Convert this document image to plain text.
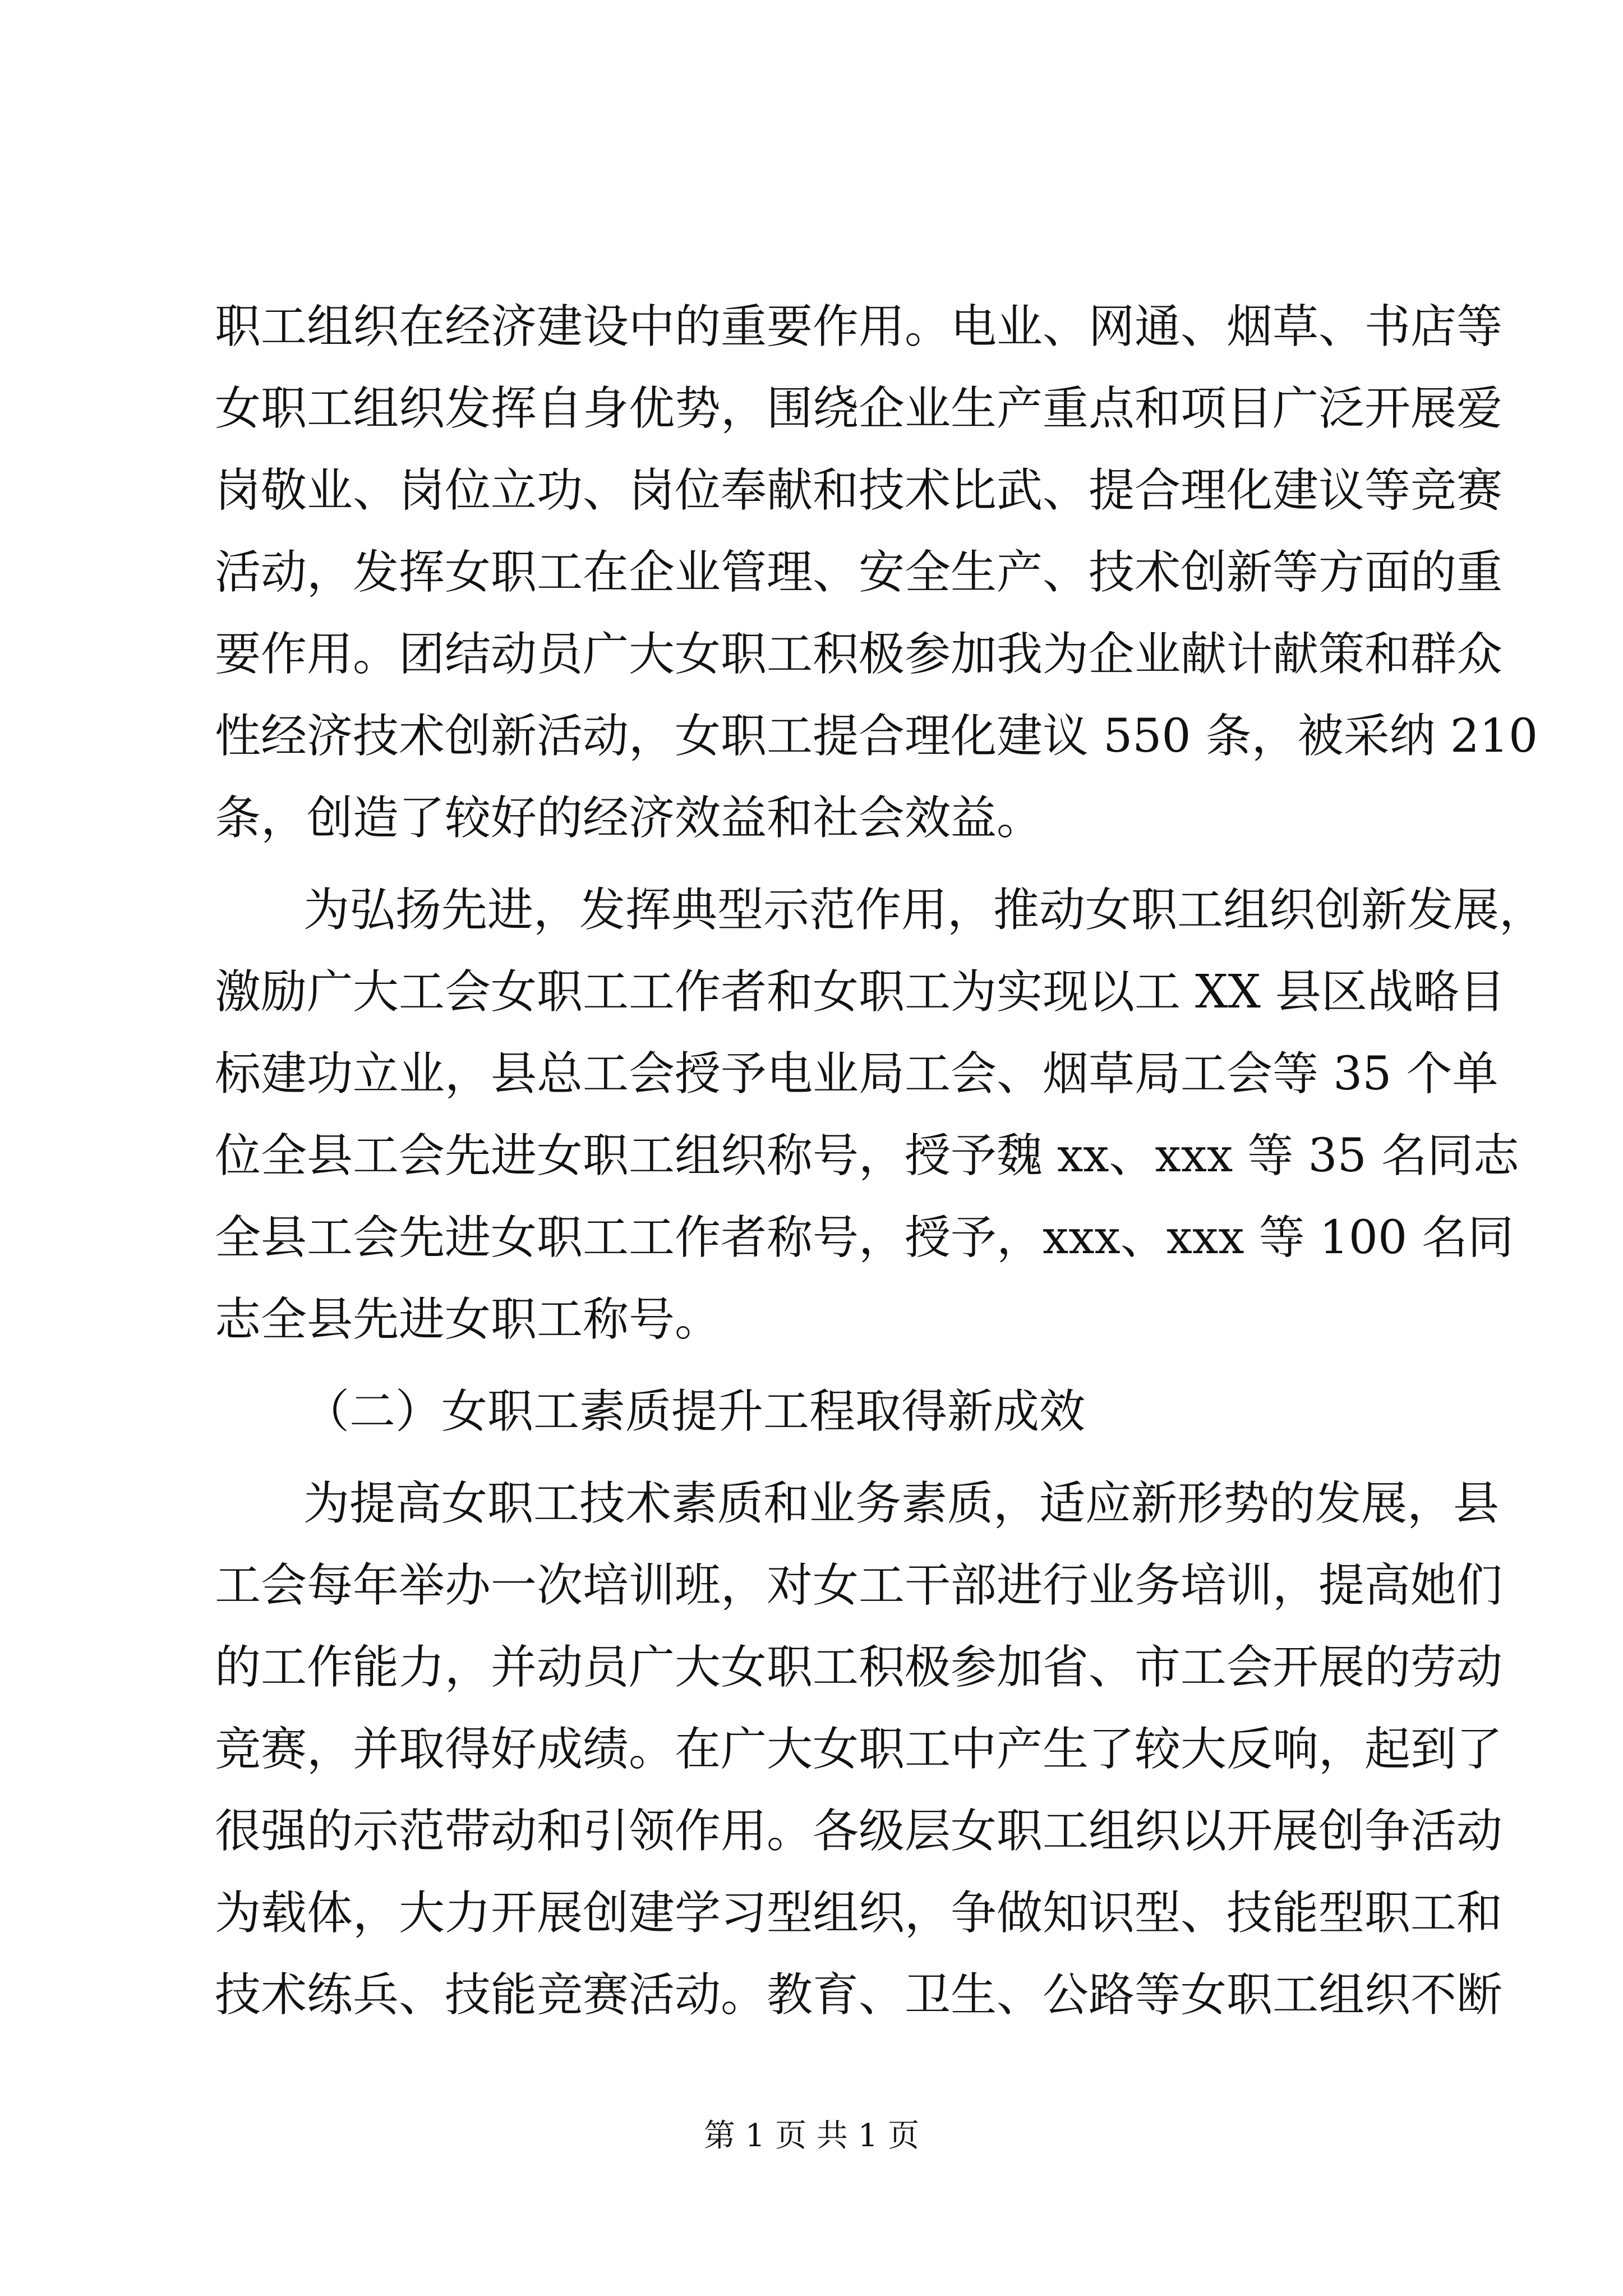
职工组织在经济建设中的重要作用。电业、网通、烟草、书店等
女职工组织发挥自身优势，围绕企业生产重点和项目广泛开展爱
岗敬业、岗位立功、岗位奉献和技术比武、提合理化建议等竞赛
活动，发挥女职工在企业管理、安全生产、技术创新等方面的重
要作用。团结动员广大女职工积极参加我为企业献计献策和群众
性经济技术创新活动，女职工提合理化建议 550 条，被采纳 210
条，创造了较好的经济效益和社会效益。
为弘扬先进，发挥典型示范作用，推动女职工组织创新发展，
激励广大工会女职工工作者和女职工为实现以工 XX 县区战略目
标建功立业，县总工会授予电业局工会、烟草局工会等 35 个单
位全县工会先进女职工组织称号，授予魏 xx、xxx 等 35 名同志
全县工会先进女职工工作者称号，授予，xxx、xxx 等 100 名同
志全县先进女职工称号。
（二）女职工素质提升工程取得新成效
为提高女职工技术素质和业务素质，适应新形势的发展，县
工会每年举办一次培训班，对女工干部进行业务培训，提高她们
的工作能力，并动员广大女职工积极参加省、市工会开展的劳动
竞赛，并取得好成绩。在广大女职工中产生了较大反响，起到了
很强的示范带动和引领作用。各级层女职工组织以开展创争活动
为载体，大力开展创建学习型组织，争做知识型、技能型职工和
技术练兵、技能竞赛活动。教育、卫生、公路等女职工组织不断
第 1 页 共 1 页
